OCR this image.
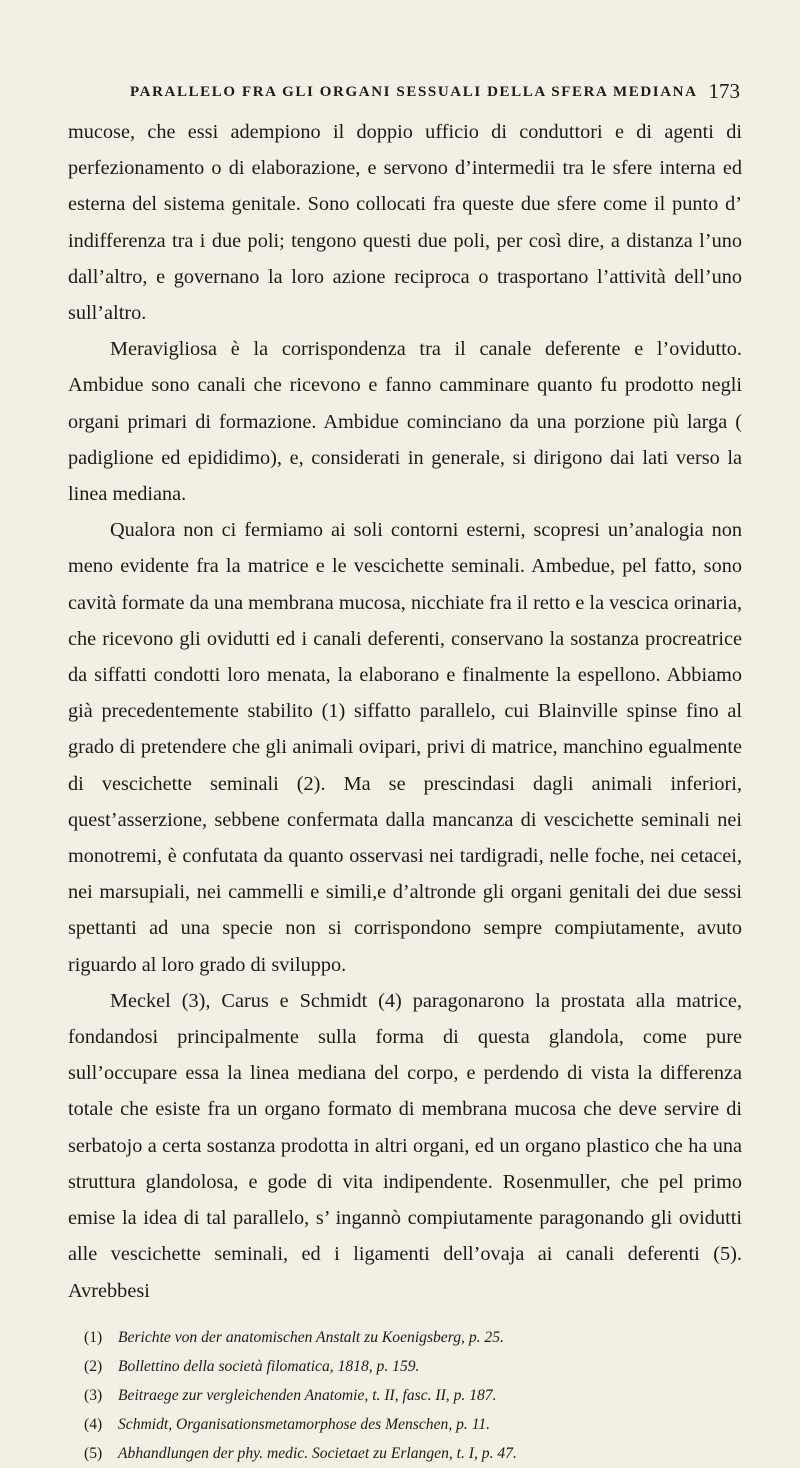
PARALLELO FRA GLI ORGANI SESSUALI DELLA SFERA MEDIANA 173

mucose, che essi adempiono il doppio ufficio di conduttori e di agenti di perfezionamento o di elaborazione, e servono d’intermedii tra le sfere interna ed esterna del sistema genitale. Sono collocati fra queste due sfere come il punto d’ indifferenza tra i due poli; tengono questi due poli, per così dire, a distanza l’uno dall’altro, e governano la loro azione reciproca o trasportano l’attività dell’uno sull’altro.

Meravigliosa è la corrispondenza tra il canale deferente e l’ovidutto. Ambidue sono canali che ricevono e fanno camminare quanto fu prodotto negli organi primari di formazione. Ambidue cominciano da una porzione più larga ( padiglione ed epididimo), e, considerati in generale, si dirigono dai lati verso la linea mediana.

Qualora non ci fermiamo ai soli contorni esterni, scopresi un’analogia non meno evidente fra la matrice e le vescichette seminali. Ambedue, pel fatto, sono cavità formate da una membrana mucosa, nicchiate fra il retto e la vescica orinaria, che ricevono gli ovidutti ed i canali deferenti, conservano la sostanza procreatrice da siffatti condotti loro menata, la elaborano e finalmente la espellono. Abbiamo già precedentemente stabilito (1) siffatto parallelo, cui Blainville spinse fino al grado di pretendere che gli animali ovipari, privi di matrice, manchino egualmente di vescichette seminali (2). Ma se prescindasi dagli animali inferiori, quest’asserzione, sebbene confermata dalla mancanza di vescichette seminali nei monotremi, è confutata da quanto osservasi nei tardigradi, nelle foche, nei cetacei, nei marsupiali, nei cammelli e simili,e d’altronde gli organi genitali dei due sessi spettanti ad una specie non si corrispondono sempre compiutamente, avuto riguardo al loro grado di sviluppo.

Meckel (3), Carus e Schmidt (4) paragonarono la prostata alla matrice, fondandosi principalmente sulla forma di questa glandola, come pure sull’occupare essa la linea mediana del corpo, e perdendo di vista la differenza totale che esiste fra un organo formato di membrana mucosa che deve servire di serbatojo a certa sostanza prodotta in altri organi, ed un organo plastico che ha una struttura glandolosa, e gode di vita indipendente. Rosenmuller, che pel primo emise la idea di tal parallelo, s’ ingannò compiutamente paragonando gli ovidutti alle vescichette seminali, ed i ligamenti dell’ovaja ai canali deferenti (5). Avrebbesi

(1)	Berichte von der anatomischen Anstalt zu Koenigsberg, p. 25.
(2)	Bollettino della società filomatica, 1818, p. 159.
(3)	Beitraege zur vergleichenden Anatomie, t. II, fasc. II, p. 187.
(4)	Schmidt, Organisationsmetamorphose des Menschen, p. 11.
(5)	Abhandlungen der phy. medic. Societaet zu Erlangen, t. I, p. 47.
